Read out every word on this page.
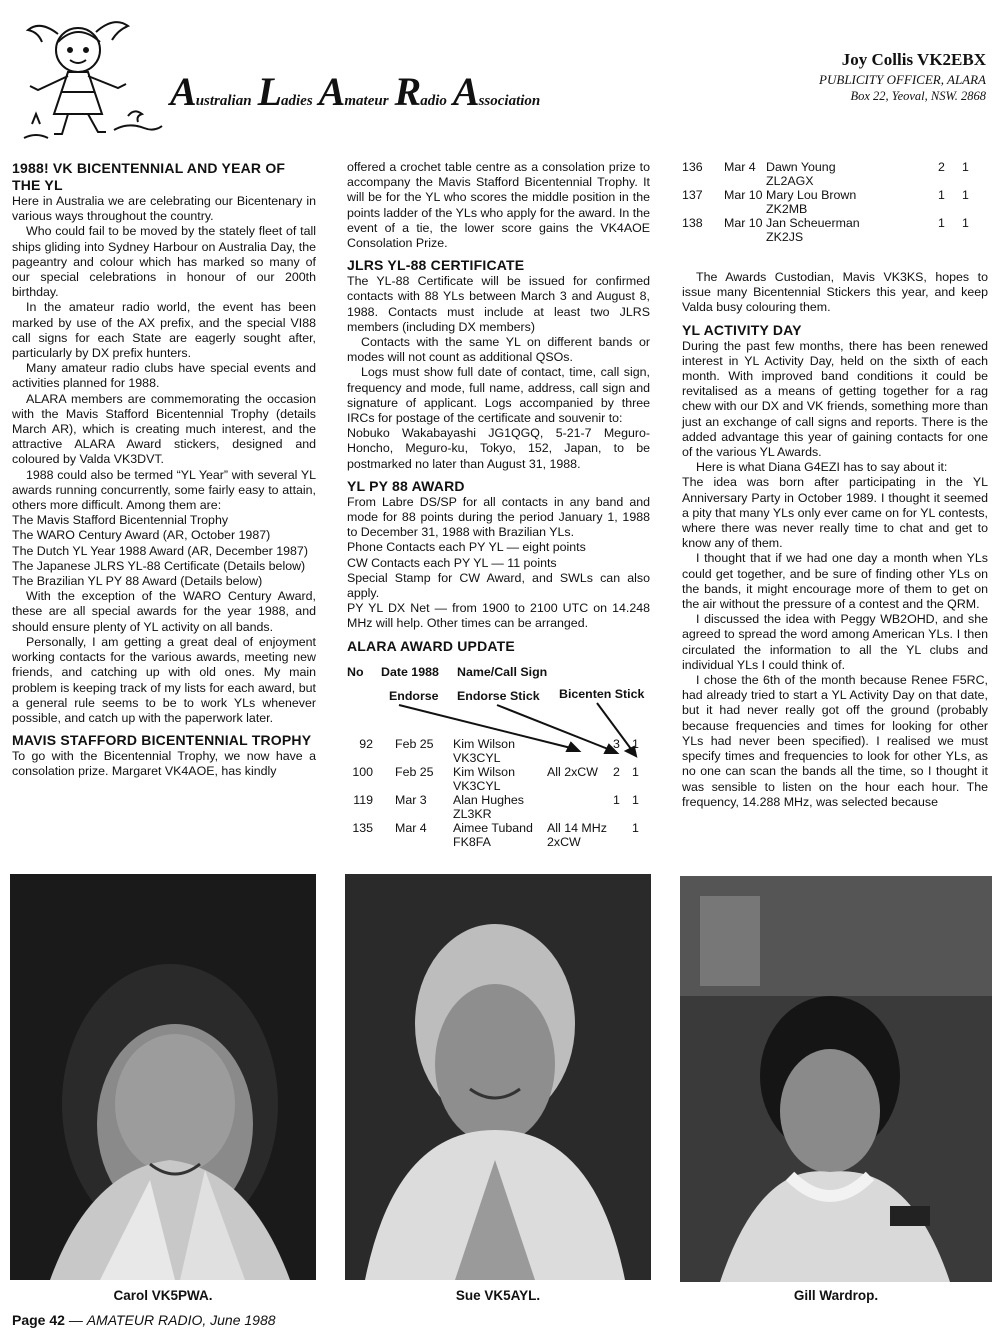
Australian Ladies Amateur Radio Association
Joy Collis VK2EBX
PUBLICITY OFFICER, ALARA
Box 22, Yeoval, NSW. 2868
1988! VK BICENTENNIAL AND YEAR OF THE YL

Here in Australia we are celebrating our Bicentenary in various ways throughout the country.

Who could fail to be moved by the stately fleet of tall ships gliding into Sydney Harbour on Australia Day, the pageantry and colour which has marked so many of our special celebrations in honour of our 200th birthday.

In the amateur radio world, the event has been marked by use of the AX prefix, and the special VI88 call signs for each State are eagerly sought after, particularly by DX prefix hunters.

Many amateur radio clubs have special events and activities planned for 1988.

ALARA members are commemorating the occasion with the Mavis Stafford Bicentennial Trophy (details March AR), which is creating much interest, and the attractive ALARA Award stickers, designed and coloured by Valda VK3DVT.

1988 could also be termed “YL Year” with several YL awards running concurrently, some fairly easy to attain, others more difficult. Among them are:

The Mavis Stafford Bicentennial Trophy
The WARO Century Award (AR, October 1987)
The Dutch YL Year 1988 Award (AR, December 1987)
The Japanese JLRS YL-88 Certificate (Details below)
The Brazilian YL PY 88 Award (Details below)

With the exception of the WARO Century Award, these are all special awards for the year 1988, and should ensure plenty of YL activity on all bands.

Personally, I am getting a great deal of enjoyment working contacts for the various awards, meeting new friends, and catching up with old ones. My main problem is keeping track of my lists for each award, but a general rule seems to be to work YLs whenever possible, and catch up with the paperwork later.

MAVIS STAFFORD BICENTENNIAL TROPHY

To go with the Bicentennial Trophy, we now have a consolation prize. Margaret VK4AOE, has kindly

offered a crochet table centre as a consolation prize to accompany the Mavis Stafford Bicentennial Trophy. It will be for the YL who scores the middle position in the points ladder of the YLs who apply for the award. In the event of a tie, the lower score gains the VK4AOE Consolation Prize.

JLRS YL-88 CERTIFICATE

The YL-88 Certificate will be issued for confirmed contacts with 88 YLs between March 3 and August 8, 1988. Contacts must include at least two JLRS members (including DX members)

Contacts with the same YL on different bands or modes will not count as additional QSOs.

Logs must show full date of contact, time, call sign, frequency and mode, full name, address, call sign and signature of applicant. Logs accompanied by three IRCs for postage of the certificate and souvenir to:

Nobuko Wakabayashi JG1QGQ, 5-21-7 Meguro-Honcho, Meguro-ku, Tokyo, 152, Japan, to be postmarked no later than August 31, 1988.

YL PY 88 AWARD

From Labre DS/SP for all contacts in any band and mode for 88 points during the period January 1, 1988 to December 31, 1988 with Brazilian YLs.

Phone Contacts each PY YL — eight points

CW Contacts each PY YL — 11 points

Special Stamp for CW Award, and SWLs can also apply.

PY YL DX Net — from 1900 to 2100 UTC on 14.248 MHz will help. Other times can be arranged.

ALARA AWARD UPDATE
No Date 1988 Name/Call Sign
Endorse Endorse Stick Bicenten Stick
92 Feb 25 Kim Wilson
VK3CYL
3 1
100 Feb 25 Kim Wilson
VK3CYL
All 2xCW 2 1
119 Mar 3 Alan Hughes
ZL3KR
1 1
135 Mar 4 Aimee Tuband
FK8FA
All 14 MHz
2xCW
1
136 Mar 4 Dawn Young
ZL2AGX
2 1
137 Mar 10 Mary Lou Brown
ZK2MB
1 1
138 Mar 10 Jan Scheuerman
ZK2JS
1 1

The Awards Custodian, Mavis VK3KS, hopes to issue many Bicentennial Stickers this year, and keep Valda busy colouring them.

YL ACTIVITY DAY

During the past few months, there has been renewed interest in YL Activity Day, held on the sixth of each month. With improved band conditions it could be revitalised as a means of getting together for a rag chew with our DX and VK friends, something more than just an exchange of call signs and reports. There is the added advantage this year of gaining contacts for one of the various YL Awards.

Here is what Diana G4EZI has to say about it:

The idea was born after participating in the YL Anniversary Party in October 1989. I thought it seemed a pity that many YLs only ever came on for YL contests, where there was never really time to chat and get to know any of them.

I thought that if we had one day a month when YLs could get together, and be sure of finding other YLs on the bands, it might encourage more of them to get on the air without the pressure of a contest and the QRM.

I discussed the idea with Peggy WB2OHD, and she agreed to spread the word among American YLs. I then circulated the information to all the YL clubs and individual YLs I could think of.

I chose the 6th of the month because Renee F5RC, had already tried to start a YL Activity Day on that date, but it had never really got off the ground (probably because frequencies and times for looking for other YLs had never been specified). I realised we must specify times and frequencies to look for other YLs, as no one can scan the bands all the time, so I thought it was sensible to listen on the hour each hour. The frequency, 14.288 MHz, was selected because

Carol VK5PWA.	Sue VK5AYL.	Gill Wardrop.
Page 42 — AMATEUR RADIO, June 1988
